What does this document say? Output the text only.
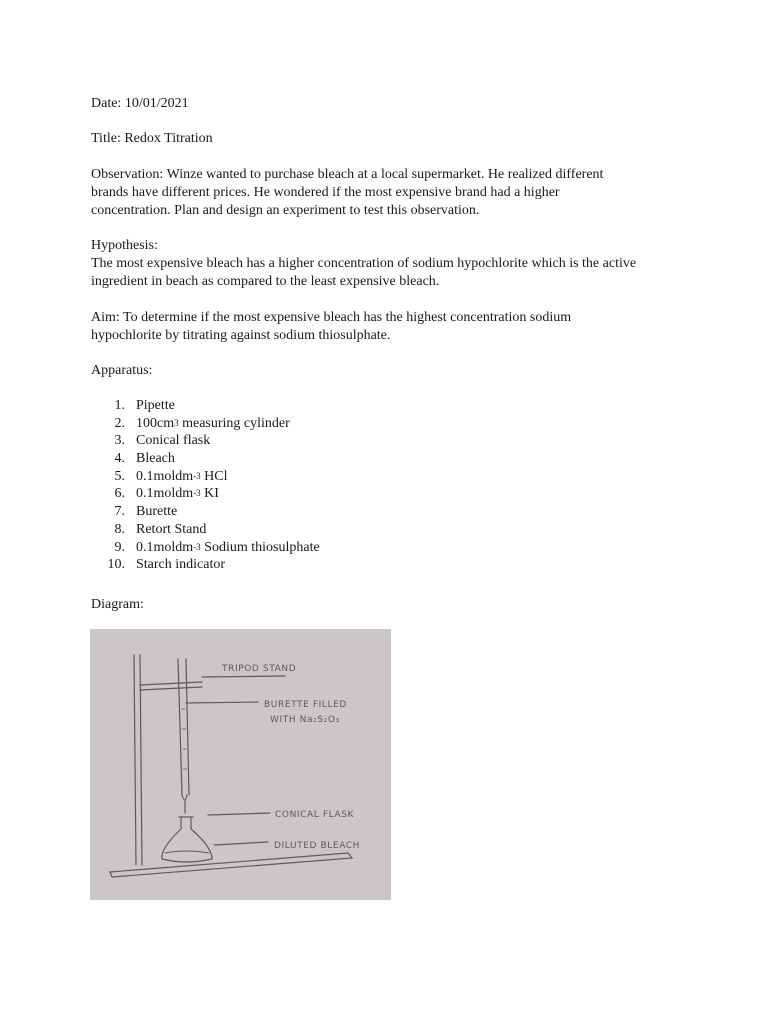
Date: 10/01/2021

Title: Redox Titration

Observation: Winze wanted to purchase bleach at a local supermarket. He realized different

brands have different prices. He wondered if the most expensive brand had a higher

concentration. Plan and design an experiment to test this observation.

Hypothesis:

The most expensive bleach has a higher concentration of sodium hypochlorite which is the active

ingredient in beach as compared to the least expensive bleach.

Aim: To determine if the most expensive bleach has the highest concentration sodium

hypochlorite by titrating against sodium thiosulphate.

Apparatus:

1. Pipette
2. $100cm^3$ measuring cylinder
3. Conical flask
4. Bleach
5. 0.1moldm$^{-3}$ HCl
6. 0.1moldm$^{-3}$ KI
7. Burette
8. Retort Stand
9. 0.1moldm$^{-3}$ Sodium thiosulphate
10. Starch indicator

Diagram:

TRIPOD STAND
BURETTE FILLED
WITH Na₂S₂O₃
CONICAL FLASK
DILUTED BLEACH
